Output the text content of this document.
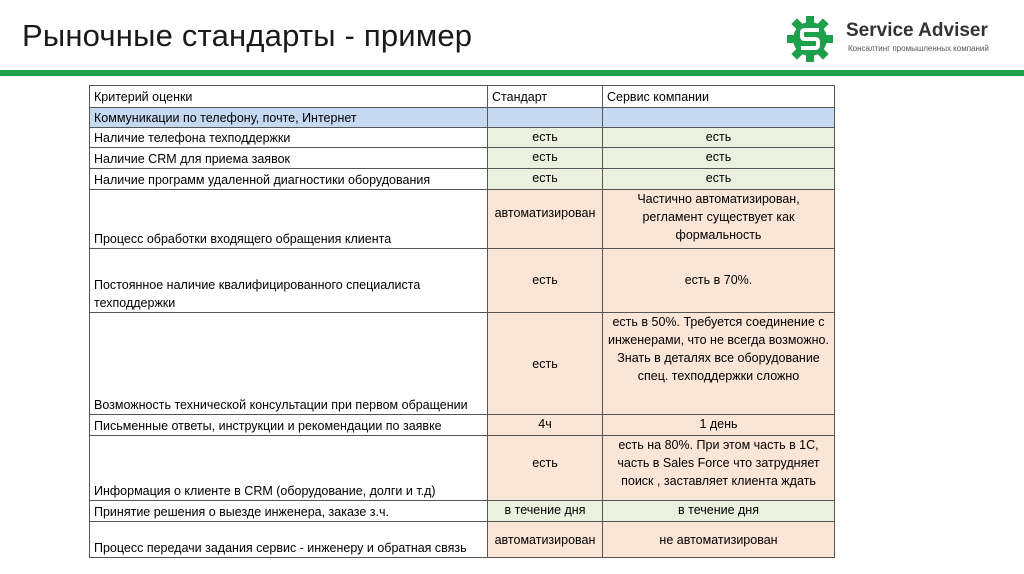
Рыночные стандарты - пример	Service Adviser
Консалтинг промышленных компаний
Критерий оценки	Стандарт	Сервис компании
Коммуникации по телефону, почте, Интернет		
Наличие телефона техподдержки	есть	есть
Наличие CRM для приема заявок	есть	есть
Наличие программ удаленной диагностики оборудования	есть	есть
Процесс обработки входящего обращения клиента	автоматизирован	Частично автоматизирован, регламент существует как формальность
Постоянное наличие квалифицированного специалиста техподдержки	есть	есть в 70%.
Возможность технической консультации при первом обращении	есть	есть в 50%. Требуется соединение с инженерами, что не всегда возможно. Знать в деталях все оборудование спец. техподдержки сложно
Письменные ответы, инструкции и рекомендации по заявке	4ч	1 день
Информация о клиенте в CRM (оборудование, долги и т.д)	есть	есть на 80%. При этом часть в 1С, часть в Sales Force что затрудняет поиск , заставляет клиента ждать
Принятие решения о выезде инженера, заказе з.ч.	в течение дня	в течение дня
Процесс передачи задания сервис - инженеру и обратная связь	автоматизирован	не автоматизирован
